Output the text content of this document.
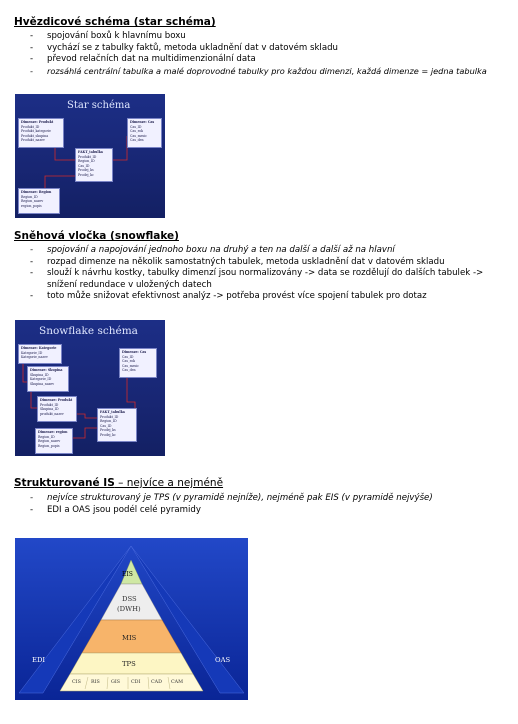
Hvězdicové schéma (star schéma)
- spojování boxů k hlavnímu boxu
- vychází se z tabulky faktů, metoda ukladnění dat v datovém skladu
- převod relačních dat na multidimenzionální data
- rozsáhlá centrální tabulka a malé doprovodné tabulky pro každou dimenzi, každá dimenze = jedna tabulka
Star schéma
Dimenze: Produkt
Produkt_ID
Produkt_kategorie
Produkt_skupina
Produkt_nazev
Dimenze: Cas
Cas_ID
Cas_rok
Cas_mesic
Cas_den
FAKT_tabulka
Produkt_ID
Region_ID
Cas_ID
Prodej_ks
Prodej_kc
Dimenze: Region
Region_ID
Region_nazev
region_popis
Sněhová vločka (snowflake)
- spojování a napojování jednoho boxu na druhý a ten na další a další až na hlavní
- rozpad dimenze na několik samostatných tabulek, metoda uskladnění dat v datovém skladu
- slouží k návrhu kostky, tabulky dimenzí jsou normalizovány -> data se rozdělují do dalších tabulek -> snížení redundace v uložených datech
- toto může snižovat efektivnost analýz -> potřeba provést více spojení tabulek pro dotaz
Snowflake schéma
Dimenze: Kategorie
Kategorie_ID
Kategorie_nazev
Dimenze: Skupina
Skupina_ID
Kategorie_ID
Skupina_nazev
Dimenze: Produkt
Produkt_ID
Skupina_ID
produkt_nazev
Dimenze: Cas
Cas_ID
Cas_rok
Cas_mesic
Cas_den
FAKT_tabulka
Produkt_ID
Region_ID
Cas_ID
Prodej_ks
Prodej_kc
Dimenze: region
Region_ID
Region_nazev
Region_popis
Strukturované IS – nejvíce a nejméně
- nejvíce strukturovaný je TPS (v pyramidě nejníže), nejméně pak EIS (v pyramidě nejvýše)
- EDI a OAS jsou podél celé pyramidy
EIS
DSS
(DWH)
MIS
TPS
CIS RIS GIS CDI CAD CAM
EDI	OAS
